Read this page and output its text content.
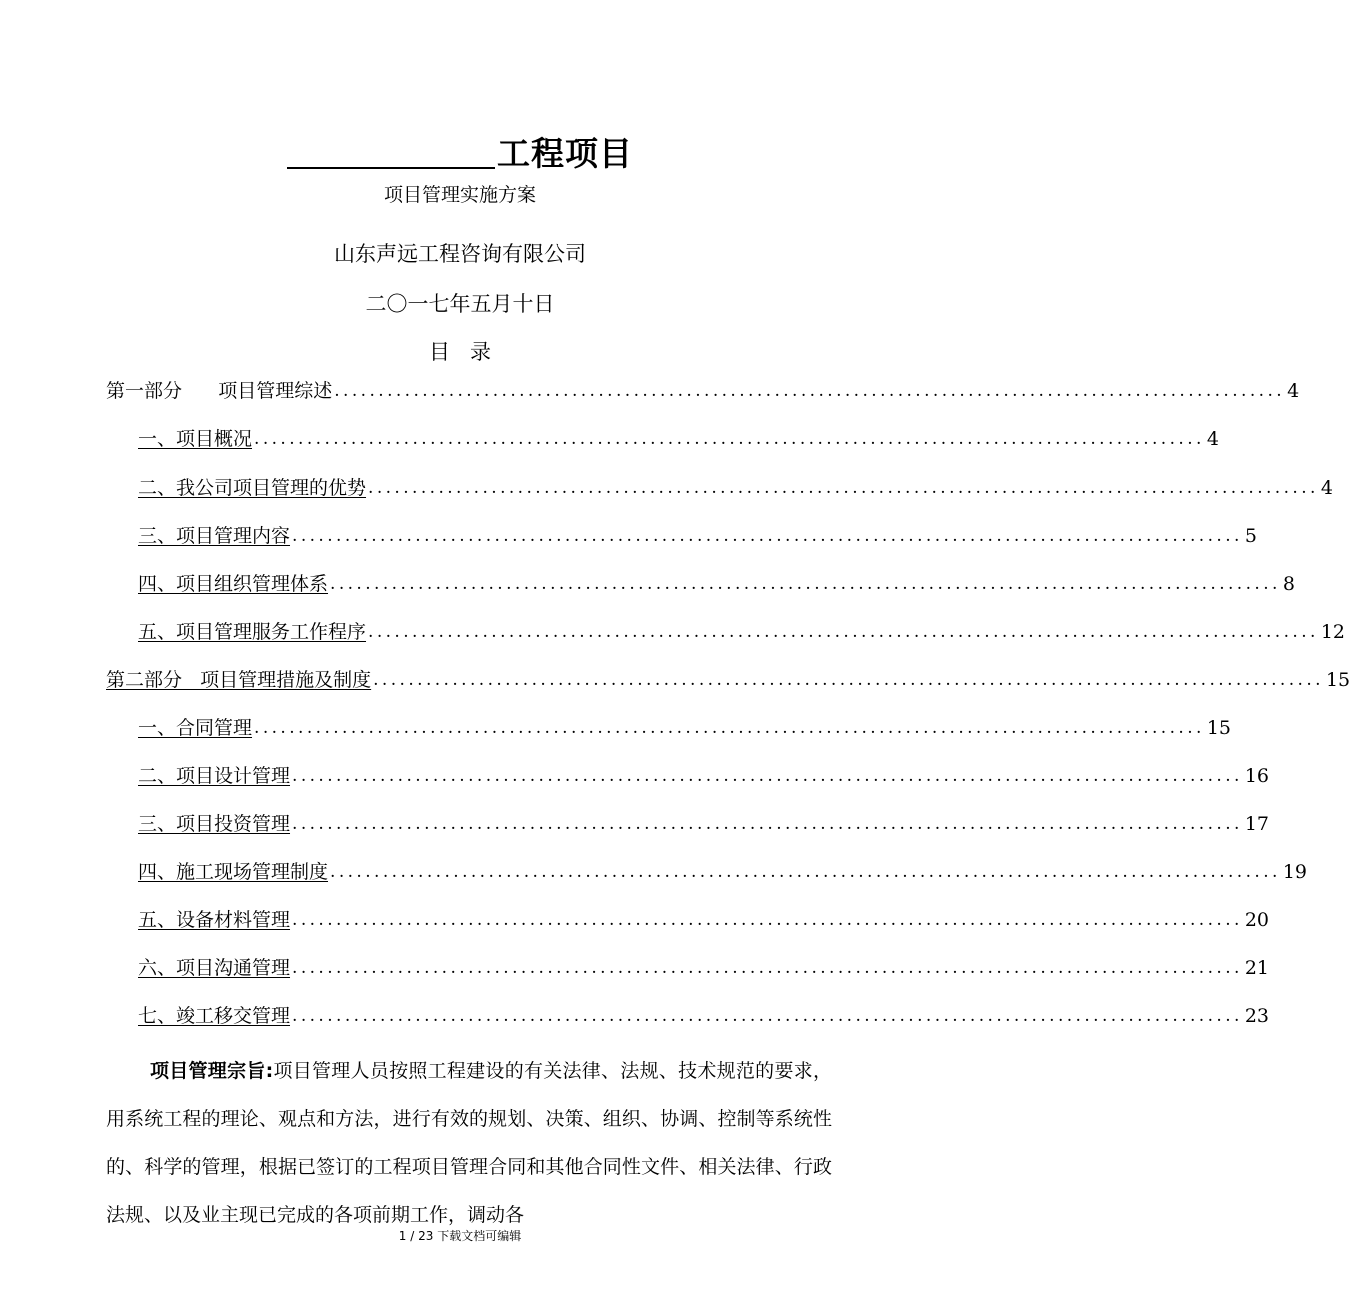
工程项目
项目管理实施方案
山东声远工程咨询有限公司
二〇一七年五月十日
目录
第一部分      项目管理综述 ............................................................................................................ 4
一、项目概况 ............................................................................................................ 4
二、我公司项目管理的优势 ............................................................................................................ 4
三、项目管理内容 ............................................................................................................ 5
四、项目组织管理体系 ............................................................................................................ 8
五、项目管理服务工作程序 ............................................................................................................ 12
第二部分   项目管理措施及制度 ............................................................................................................ 15
一、合同管理 ............................................................................................................ 15
二、项目设计管理 ............................................................................................................ 16
三、项目投资管理 ............................................................................................................ 17
四、施工现场管理制度 ............................................................................................................ 19
五、设备材料管理 ............................................................................................................ 20
六、项目沟通管理 ............................................................................................................ 21
七、竣工移交管理 ............................................................................................................ 23
项目管理宗旨:项目管理人员按照工程建设的有关法律、法规、技术规范的要求，用系统工程的理论、观点和方法，进行有效的规划、决策、组织、协调、控制等系统性的、科学的管理，根据已签订的工程项目管理合同和其他合同性文件、相关法律、行政法规、以及业主现已完成的各项前期工作，调动各
1 / 23 下载文档可编辑
